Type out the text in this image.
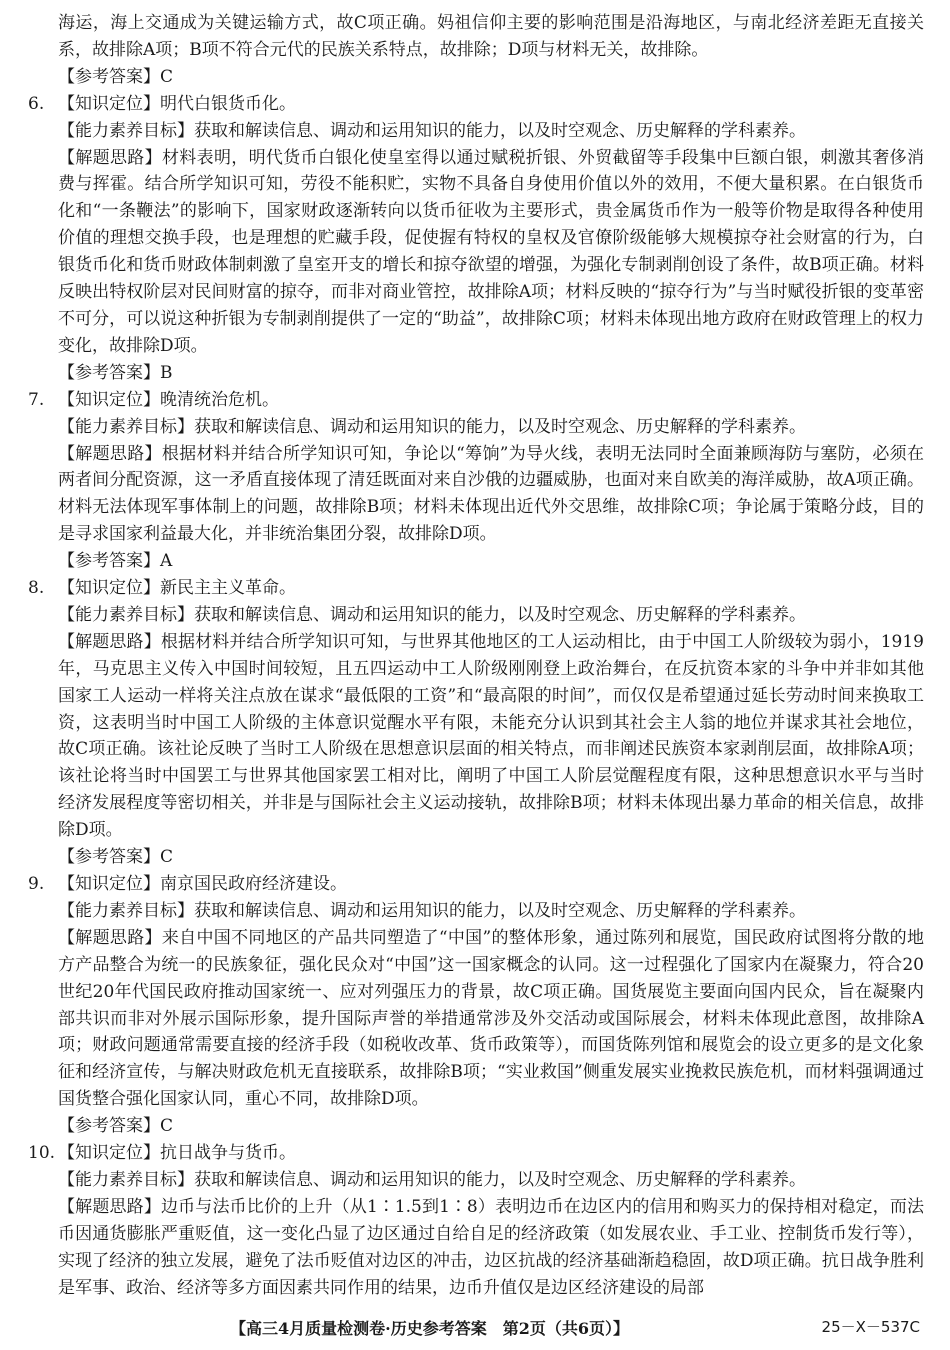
海运，海上交通成为关键运输方式，故C项正确。妈祖信仰主要的影响范围是沿海地区，与南北经济差距无直接关系，故排除A项；B项不符合元代的民族关系特点，故排除；D项与材料无关，故排除。

【参考答案】C

6. 【知识定位】明代白银货币化。

【能力素养目标】获取和解读信息、调动和运用知识的能力，以及时空观念、历史解释的学科素养。

【解题思路】材料表明，明代货币白银化使皇室得以通过赋税折银、外贸截留等手段集中巨额白银，刺激其奢侈消费与挥霍。结合所学知识可知，劳役不能积贮，实物不具备自身使用价值以外的效用，不便大量积累。在白银货币化和“一条鞭法”的影响下，国家财政逐渐转向以货币征收为主要形式，贵金属货币作为一般等价物是取得各种使用价值的理想交换手段，也是理想的贮藏手段，促使握有特权的皇权及官僚阶级能够大规模掠夺社会财富的行为，白银货币化和货币财政体制刺激了皇室开支的增长和掠夺欲望的增强，为强化专制剥削创设了条件，故B项正确。材料反映出特权阶层对民间财富的掠夺，而非对商业管控，故排除A项；材料反映的“掠夺行为”与当时赋役折银的变革密不可分，可以说这种折银为专制剥削提供了一定的“助益”，故排除C项；材料未体现出地方政府在财政管理上的权力变化，故排除D项。

【参考答案】B

7. 【知识定位】晚清统治危机。

【能力素养目标】获取和解读信息、调动和运用知识的能力，以及时空观念、历史解释的学科素养。

【解题思路】根据材料并结合所学知识可知，争论以“筹饷”为导火线，表明无法同时全面兼顾海防与塞防，必须在两者间分配资源，这一矛盾直接体现了清廷既面对来自沙俄的边疆威胁，也面对来自欧美的海洋威胁，故A项正确。材料无法体现军事体制上的问题，故排除B项；材料未体现出近代外交思维，故排除C项；争论属于策略分歧，目的是寻求国家利益最大化，并非统治集团分裂，故排除D项。

【参考答案】A

8. 【知识定位】新民主主义革命。

【能力素养目标】获取和解读信息、调动和运用知识的能力，以及时空观念、历史解释的学科素养。

【解题思路】根据材料并结合所学知识可知，与世界其他地区的工人运动相比，由于中国工人阶级较为弱小，1919年，马克思主义传入中国时间较短，且五四运动中工人阶级刚刚登上政治舞台，在反抗资本家的斗争中并非如其他国家工人运动一样将关注点放在谋求“最低限的工资”和“最高限的时间”，而仅仅是希望通过延长劳动时间来换取工资，这表明当时中国工人阶级的主体意识觉醒水平有限，未能充分认识到其社会主人翁的地位并谋求其社会地位，故C项正确。该社论反映了当时工人阶级在思想意识层面的相关特点，而非阐述民族资本家剥削层面，故排除A项；该社论将当时中国罢工与世界其他国家罢工相对比，阐明了中国工人阶层觉醒程度有限，这种思想意识水平与当时经济发展程度等密切相关，并非是与国际社会主义运动接轨，故排除B项；材料未体现出暴力革命的相关信息，故排除D项。

【参考答案】C

9. 【知识定位】南京国民政府经济建设。

【能力素养目标】获取和解读信息、调动和运用知识的能力，以及时空观念、历史解释的学科素养。

【解题思路】来自中国不同地区的产品共同塑造了“中国”的整体形象，通过陈列和展览，国民政府试图将分散的地方产品整合为统一的民族象征，强化民众对“中国”这一国家概念的认同。这一过程强化了国家内在凝聚力，符合20世纪20年代国民政府推动国家统一、应对列强压力的背景，故C项正确。国货展览主要面向国内民众，旨在凝聚内部共识而非对外展示国际形象，提升国际声誉的举措通常涉及外交活动或国际展会，材料未体现此意图，故排除A项；财政问题通常需要直接的经济手段（如税收改革、货币政策等），而国货陈列馆和展览会的设立更多的是文化象征和经济宣传，与解决财政危机无直接联系，故排除B项；“实业救国”侧重发展实业挽救民族危机，而材料强调通过国货整合强化国家认同，重心不同，故排除D项。

【参考答案】C

10. 【知识定位】抗日战争与货币。

【能力素养目标】获取和解读信息、调动和运用知识的能力，以及时空观念、历史解释的学科素养。

【解题思路】边币与法币比价的上升（从1∶1.5到1∶8）表明边币在边区内的信用和购买力的保持相对稳定，而法币因通货膨胀严重贬值，这一变化凸显了边区通过自给自足的经济政策（如发展农业、手工业、控制货币发行等），实现了经济的独立发展，避免了法币贬值对边区的冲击，边区抗战的经济基础渐趋稳固，故D项正确。抗日战争胜利是军事、政治、经济等多方面因素共同作用的结果，边币升值仅是边区经济建设的局部

【高三4月质量检测卷·历史参考答案　第2页（共6页）】	25－X－537C
